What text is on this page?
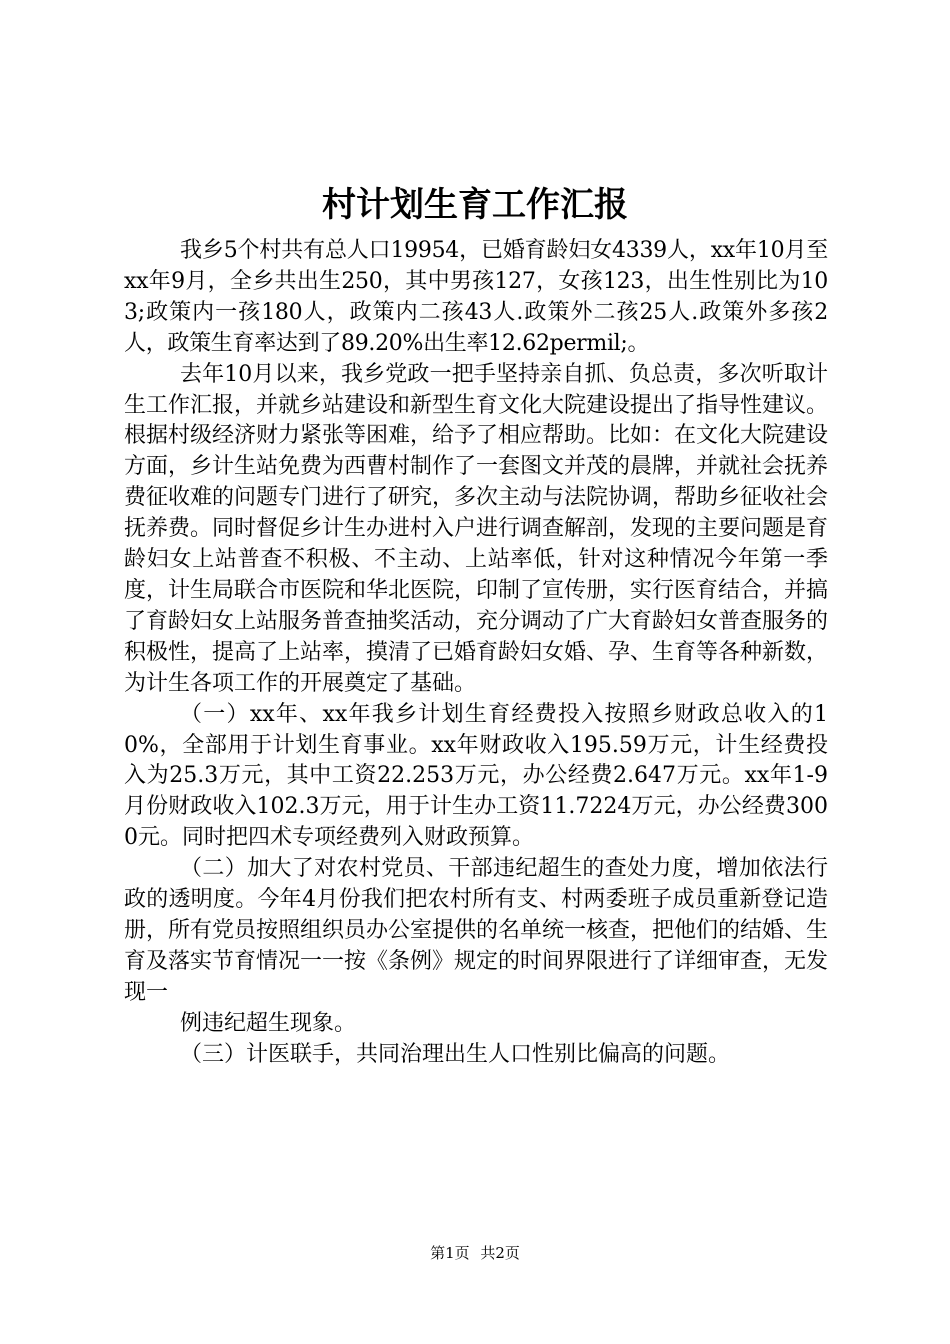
村计划生育工作汇报

我乡5个村共有总人口19954，已婚育龄妇女4339人，xx年10月至xx年9月，全乡共出生250，其中男孩127，女孩123，出生性别比为103;政策内一孩180人，政策内二孩43人.政策外二孩25人.政策外多孩2人，政策生育率达到了89.20%出生率12.62permil;。

去年10月以来，我乡党政一把手坚持亲自抓、负总责，多次听取计生工作汇报，并就乡站建设和新型生育文化大院建设提出了指导性建议。根据村级经济财力紧张等困难，给予了相应帮助。比如：在文化大院建设方面，乡计生站免费为西曹村制作了一套图文并茂的晨牌，并就社会抚养费征收难的问题专门进行了研究，多次主动与法院协调，帮助乡征收社会抚养费。同时督促乡计生办进村入户进行调查解剖，发现的主要问题是育龄妇女上站普查不积极、不主动、上站率低，针对这种情况今年第一季度，计生局联合市医院和华北医院，印制了宣传册，实行医育结合，并搞了育龄妇女上站服务普查抽奖活动，充分调动了广大育龄妇女普查服务的积极性，提高了上站率，摸清了已婚育龄妇女婚、孕、生育等各种新数，为计生各项工作的开展奠定了基础。

（一）xx年、xx年我乡计划生育经费投入按照乡财政总收入的10%，全部用于计划生育事业。xx年财政收入195.59万元，计生经费投入为25.3万元，其中工资22.253万元，办公经费2.647万元。xx年1-9月份财政收入102.3万元，用于计生办工资11.7224万元，办公经费3000元。同时把四术专项经费列入财政预算。

（二）加大了对农村党员、干部违纪超生的查处力度，增加依法行政的透明度。今年4月份我们把农村所有支、村两委班子成员重新登记造册，所有党员按照组织员办公室提供的名单统一核查，把他们的结婚、生育及落实节育情况一一按《条例》规定的时间界限进行了详细审查，无发现一

例违纪超生现象。

（三）计医联手，共同治理出生人口性别比偏高的问题。

第1页 共2页
